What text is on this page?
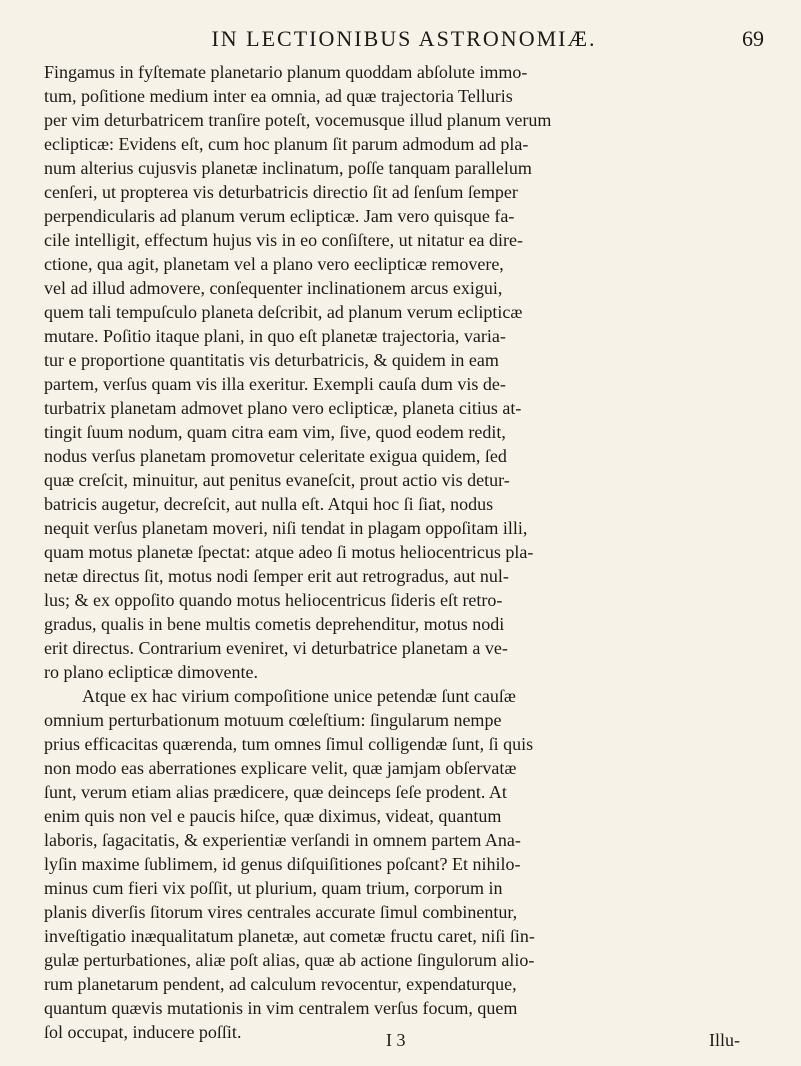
IN LECTIONIBUS ASTRONOMIÆ.	69
Fingamus in fyſtemate planetario planum quoddam abſolute immo-
tum, poſitione medium inter ea omnia, ad quæ trajectoria Telluris
per vim deturbatricem tranſire poteſt, vocemusque illud planum verum
eclipticæ: Evidens eſt, cum hoc planum ſit parum admodum ad pla-
num alterius cujusvis planetæ inclinatum, poſſe tanquam parallelum
cenſeri, ut propterea vis deturbatricis directio ſit ad ſenſum ſemper
perpendicularis ad planum verum eclipticæ. Jam vero quisque fa-
cile intelligit, effectum hujus vis in eo conſiſtere, ut nitatur ea dire-
ctione, qua agit, planetam vel a plano vero eeclipticæ removere,
vel ad illud admovere, conſequenter inclinationem arcus exigui,
quem tali tempuſculo planeta deſcribit, ad planum verum eclipticæ
mutare. Poſitio itaque plani, in quo eſt planetæ trajectoria, varia-
tur e proportione quantitatis vis deturbatricis, & quidem in eam
partem, verſus quam vis illa exeritur. Exempli cauſa dum vis de-
turbatrix planetam admovet plano vero eclipticæ, planeta citius at-
tingit ſuum nodum, quam citra eam vim, ſive, quod eodem redit,
nodus verſus planetam promovetur celeritate exigua quidem, ſed
quæ creſcit, minuitur, aut penitus evaneſcit, prout actio vis detur-
batricis augetur, decreſcit, aut nulla eſt. Atqui hoc ſi ſiat, nodus
nequit verſus planetam moveri, niſi tendat in plagam oppoſitam illi,
quam motus planetæ ſpectat: atque adeo ſi motus heliocentricus pla-
netæ directus ſit, motus nodi ſemper erit aut retrogradus, aut nul-
lus; & ex oppoſito quando motus heliocentricus ſideris eſt retro-
gradus, qualis in bene multis cometis deprehenditur, motus nodi
erit directus. Contrarium eveniret, vi deturbatrice planetam a ve-
ro plano eclipticæ dimovente.
Atque ex hac virium compoſitione unice petendæ ſunt cauſæ
omnium perturbationum motuum cœleſtium: ſingularum nempe
prius efficacitas quærenda, tum omnes ſimul colligendæ ſunt, ſi quis
non modo eas aberrationes explicare velit, quæ jamjam obſervatæ
ſunt, verum etiam alias prædicere, quæ deinceps ſeſe prodent. At
enim quis non vel e paucis hiſce, quæ diximus, videat, quantum
laboris, ſagacitatis, & experientiæ verſandi in omnem partem Ana-
lyſin maxime ſublimem, id genus diſquiſitiones poſcant? Et nihilo-
minus cum fieri vix poſſit, ut plurium, quam trium, corporum in
planis diverſis ſitorum vires centrales accurate ſimul combinentur,
inveſtigatio inæqualitatum planetæ, aut cometæ fructu caret, niſi ſin-
gulæ perturbationes, aliæ poſt alias, quæ ab actione ſingulorum alio-
rum planetarum pendent, ad calculum revocentur, expendaturque,
quantum quævis mutationis in vim centralem verſus focum, quem
ſol occupat, inducere poſſit.	I 3	Illu-
